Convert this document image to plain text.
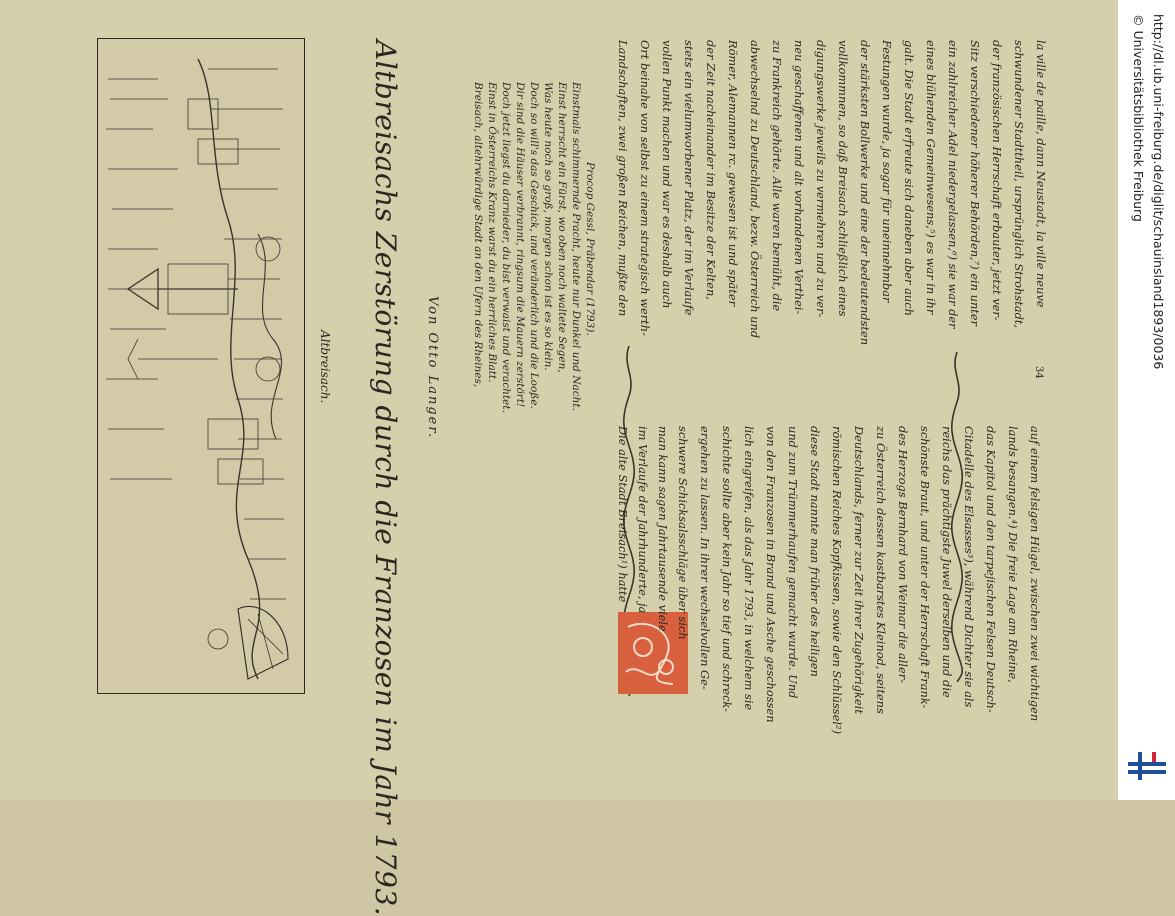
Altbreisach. Altbreisachs Zerstörung durch die Franzosen im Jahr 1793. Von Otto Langer.	Breisach, altehrwürdige Stadt an den Ufern des Rheines, Einst in Österreichs Kranz warst du ein herrliches Blatt. Doch jetzt liegst du darnieder, du bist verwaist und verachtet. Dir sind die Häuser verbrannt, ringsum die Mauern zerstört! Doch so will's das Geschick, und veränderlich und die Looße. Was heute noch so groß, morgen schon ist es so klein. Einst herrscht ein Fürst, wo oben noch waltete Segen, Einstmals schimmernde Pracht, heute nur Dunkel und Nacht. Procop Gessl, Präbendar (1793).
34
Die alte Stadt Breisach¹) hatte im Verlaufe der Jahrhunderte, ja man kann sagen Jahrtausende viele schwere Schicksalsschläge über sich ergehen zu lassen. In ihrer wechselvollen Ge- schichte sollte aber kein Jahr so tief und schreck- lich eingreifen, als das Jahr 1793, in welchem sie von den Franzosen in Brand und Asche geschossen und zum Trümmerhaufen gemacht wurde. Und diese Stadt nannte man früher des heiligen römischen Reiches Kopfkissen, sowie den Schlüssel²) Deutschlands, ferner zur Zeit ihrer Zugehörigkeit zu Österreich dessen kostbarstes Kleinod, seitens des Herzogs Bernhard von Weimar die aller- schönste Braut, und unter der Herrschaft Frank- reichs das prächtigste Juwel derselben und die Citadelle des Elsasses³), während Dichter sie als das Kapitol und den tarpejischen Felsen Deutsch- lands besangen.⁴) Die freie Lage am Rheine, auf einem felsigen Hügel, zwischen zwei wichtigen
Landschaften, zwei großen Reichen, mußte den Ort beinahe von selbst zu einem strategisch werth- vollen Punkt machen und war es deshalb auch stets ein vielumworbener Platz, der im Verlaufe der Zeit nacheinander im Besitze der Kelten, Römer, Alemannen rc. gewesen ist und später abwechselnd zu Deutschland, bezw. Österreich und zu Frankreich gehörte. Alle waren bemüht, die neu geschaffenen und alt vorhandenen Verthei- digungswerke jeweils zu vermehren und zu ver- vollkommnen, so daß Breisach schließlich eines der stärksten Bollwerke und eine der bedeutendsten Festungen wurde, ja sogar für uneinnehmbar galt. Die Stadt erfreute sich daneben aber auch eines blühenden Gemeinwesens,⁵) es war in ihr ein zahlreicher Adel niedergelassen,⁶) sie war der Sitz verschiedener höherer Behörden,⁷) ein unter der französischen Herrschaft erbauter, jetzt ver- schwundener Stadttheil, ursprünglich Strohstadt, la ville de paille, dann Neustadt, la ville neuve	http://dl.ub.uni-freiburg.de/diglit/schauinsland1893/0036
© Universitätsbibliothek Freiburg
